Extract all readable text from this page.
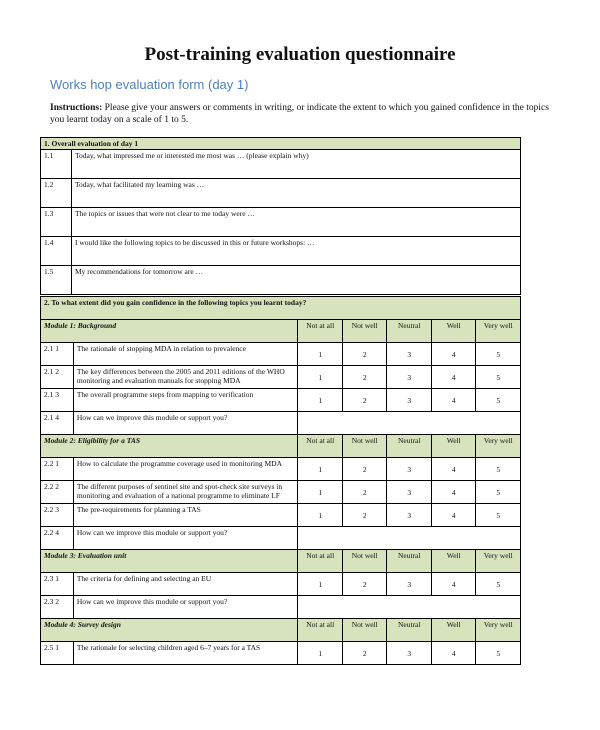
Post-training evaluation questionnaire
Works hop evaluation form (day 1)
Instructions: Please give your answers or comments in writing, or indicate the extent to which you gained confidence in the topics you learnt today on a scale of 1 to 5.
1. Overall evaluation of day 1	
1.1	Today, what impressed me or interested me most was … (please explain why)
1.2	Today, what facilitated my learning was …
1.3	The topics or issues that were not clear to me today were …
1.4	I would like the following topics to be discussed in this or future workshops: …
1.5	My recommendations for tomorrow are …
2. To what extent did you gain confidence in the following topics you learnt today?						
Module 1: Background		Not at all	Not well	Neutral	Well	Very well
2.1 1	The rationale of stopping MDA in relation to prevalence	1	2	3	4	5
2.1 2	The key differences between the 2005 and 2011 editions of the WHO monitoring and evaluation manuals for stopping MDA	1	2	3	4	5
2.1 3	The overall programme steps from mapping to verification	1	2	3	4	5
2.1 4	How can we improve this module or support you?					
Module 2: Eligibility for a TAS		Not at all	Not well	Neutral	Well	Very well
2.2 1	How to calculate the programme coverage used in monitoring MDA	1	2	3	4	5
2.2 2	The different purposes of sentinel site and spot-check site surveys in monitoring and evaluation of a national programme to eliminate LF	1	2	3	4	5
2.2 3	The pre-requirements for planning a TAS	1	2	3	4	5
2.2 4	How can we improve this module or support you?					
Module 3: Evaluation unit		Not at all	Not well	Neutral	Well	Very well
2.3 1	The criteria for defining and selecting an EU	1	2	3	4	5
2.3 2	How can we improve this module or support you?					
Module 4: Survey design		Not at all	Not well	Neutral	Well	Very well
2.5 1	The rationale for selecting children aged 6–7 years for a TAS	1	2	3	4	5
